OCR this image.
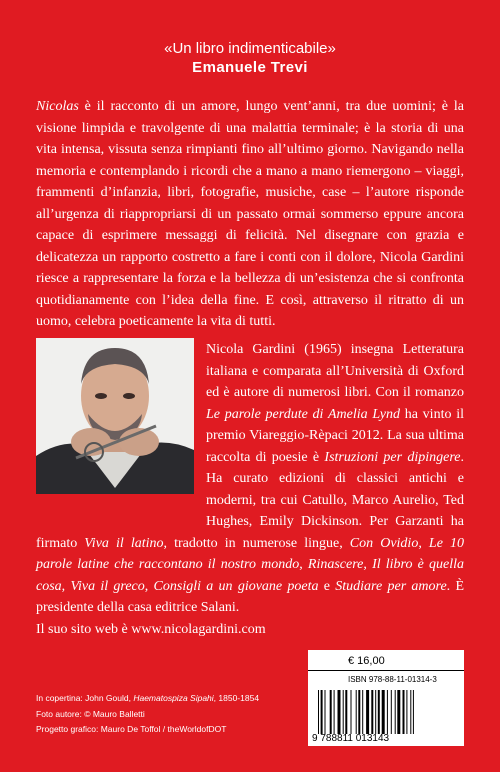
«Un libro indimenticabile»
Emanuele Trevi

Nicolas è il racconto di un amore, lungo vent’anni, tra due uomini; è la visione limpida e travolgente di una malattia terminale; è la storia di una vita intensa, vissuta senza rimpianti fino all’ultimo giorno. Navigando nella memoria e contemplando i ricordi che a mano a mano riemergono – viaggi, frammenti d’infanzia, libri, fotografie, musiche, case – l’autore risponde all’urgenza di riappropriarsi di un passato ormai sommerso eppure ancora capace di esprimere messaggi di felicità. Nel disegnare con grazia e delicatezza un rapporto costretto a fare i conti con il dolore, Nicola Gardini riesce a rappresentare la forza e la bellezza di un’esistenza che si confronta quotidianamente con l’idea della fine. E così, attraverso il ritratto di un uomo, celebra poeticamente la vita di tutti.

Nicola Gardini (1965) insegna Letteratura italiana e comparata all’Università di Oxford ed è autore di numerosi libri. Con il romanzo Le parole perdute di Amelia Lynd ha vinto il premio Viareggio-Rèpaci 2012. La sua ultima raccolta di poesie è Istruzioni per dipingere. Ha curato edizioni di classici antichi e moderni, tra cui Catullo, Marco Aurelio, Ted Hughes, Emily Dickinson. Per Garzanti ha firmato Viva il latino, tradotto in numerose lingue, Con Ovidio, Le 10 parole latine che raccontano il nostro mondo, Rinascere, Il libro è quella cosa, Viva il greco, Consigli a un giovane poeta e Studiare per amore. È presidente della casa editrice Salani.

Il suo sito web è www.nicolagardini.com

In copertina: John Gould, Haematospiza Sipahi, 1850-1854
Foto autore: © Mauro Balletti
Progetto grafico: Mauro De Toffol / theWorldofDOT
€ 16,00
ISBN 978-88-11-01314-3
9 788811 013143
